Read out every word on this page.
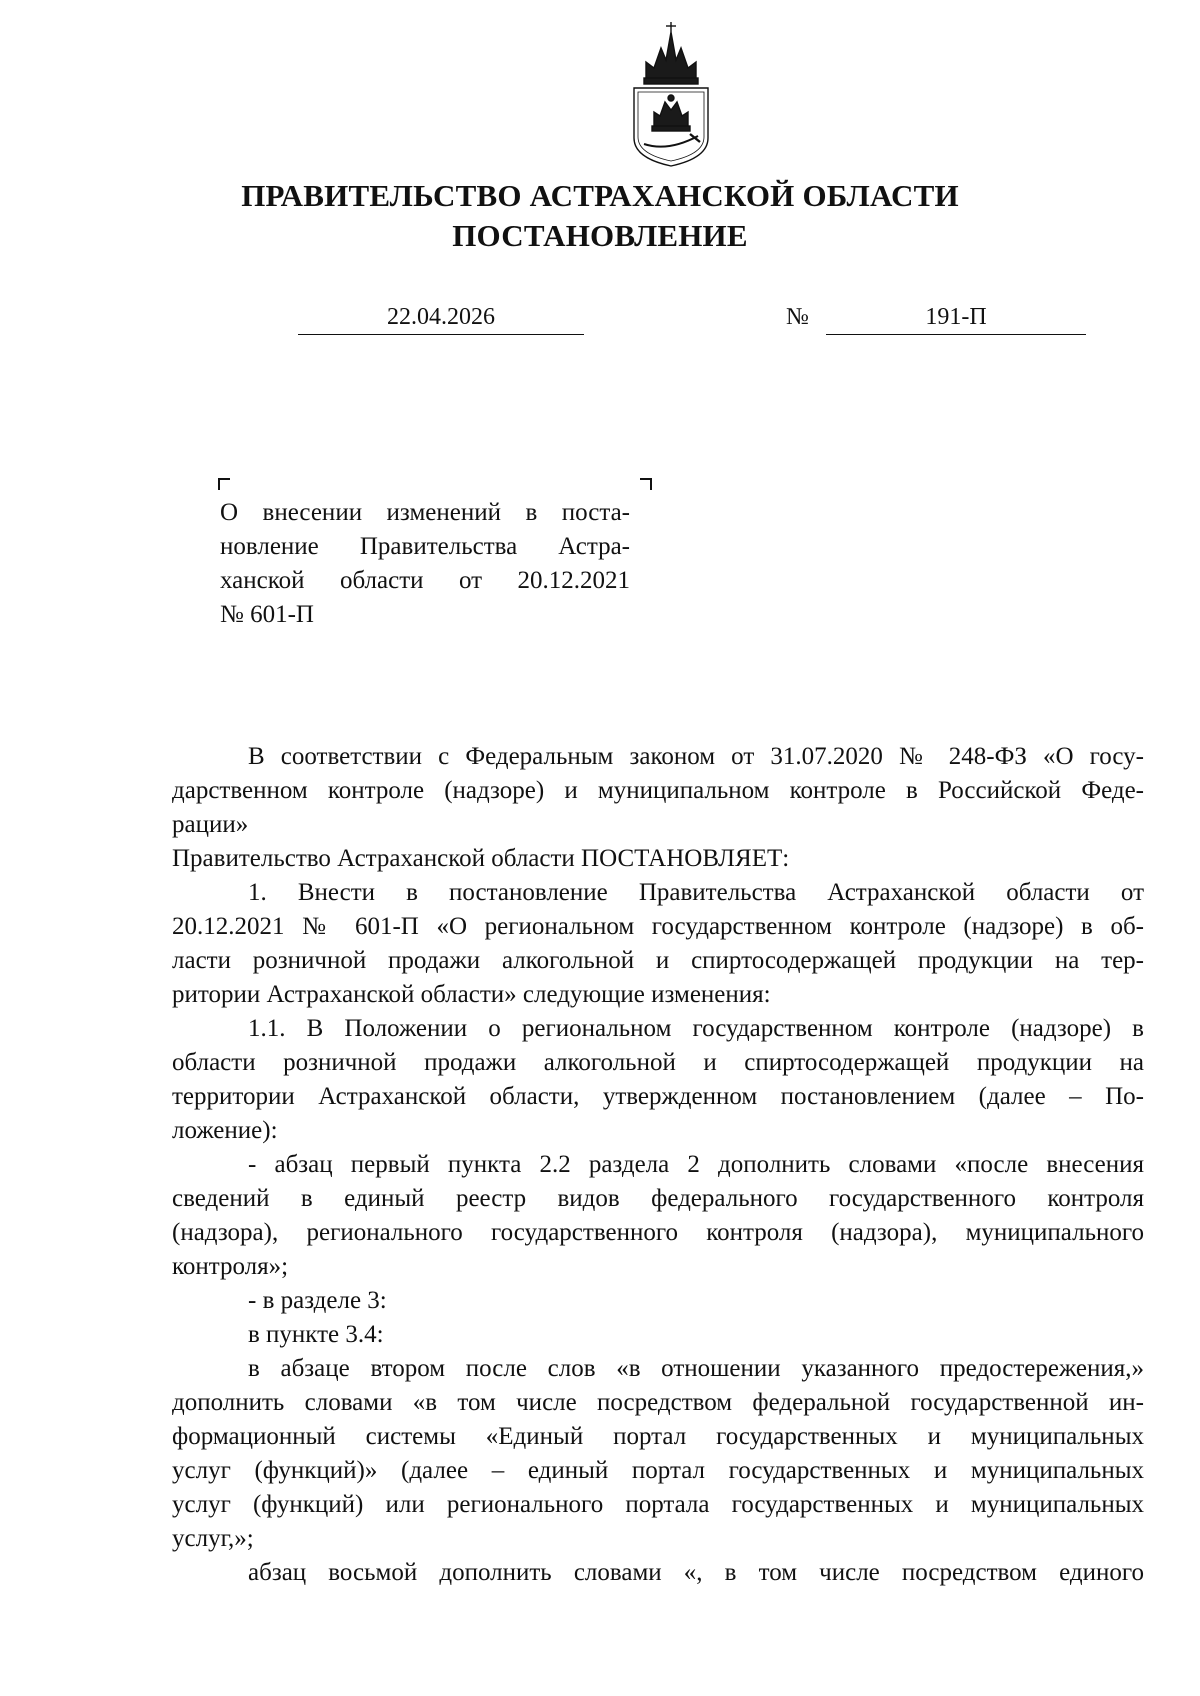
ПРАВИТЕЛЬСТВО АСТРАХАНСКОЙ ОБЛАСТИ
ПОСТАНОВЛЕНИЕ
22.04.2026	№	191-П
О внесении изменений в поста-
новление Правительства Астра-
ханской области от 20.12.2021
№ 601-П
В соответствии с Федеральным законом от 31.07.2020 № 248-ФЗ «О госу-
дарственном контроле (надзоре) и муниципальном контроле в Российской Феде-
рации»
Правительство Астраханской области ПОСТАНОВЛЯЕТ:
1. Внести в постановление Правительства Астраханской области от
20.12.2021 № 601-П «О региональном государственном контроле (надзоре) в об-
ласти розничной продажи алкогольной и спиртосодержащей продукции на тер-
ритории Астраханской области» следующие изменения:
1.1. В Положении о региональном государственном контроле (надзоре) в
области розничной продажи алкогольной и спиртосодержащей продукции на
территории Астраханской области, утвержденном постановлением (далее – По-
ложение):
- абзац первый пункта 2.2 раздела 2 дополнить словами «после внесения
сведений в единый реестр видов федерального государственного контроля
(надзора), регионального государственного контроля (надзора), муниципального
контроля»;
- в разделе 3:
в пункте 3.4:
в абзаце втором после слов «в отношении указанного предостережения,»
дополнить словами «в том числе посредством федеральной государственной ин-
формационный системы «Единый портал государственных и муниципальных
услуг (функций)» (далее – единый портал государственных и муниципальных
услуг (функций) или регионального портала государственных и муниципальных
услуг,»;
абзац восьмой дополнить словами «, в том числе посредством единого
